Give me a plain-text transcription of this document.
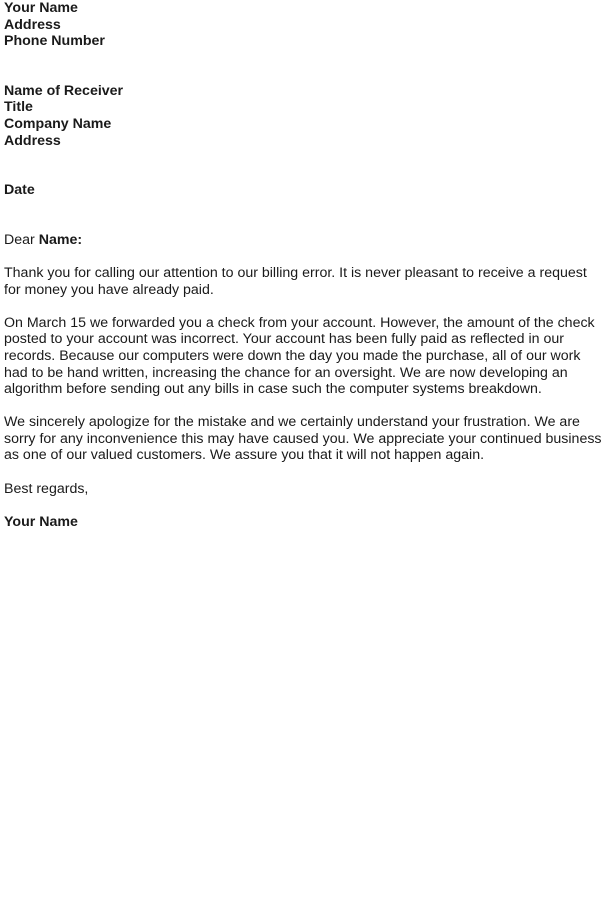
Your Name
Address
Phone Number
Name of Receiver
Title
Company Name
Address
Date

Dear Name:

Thank you for calling our attention to our billing error. It is never pleasant to receive a request
for money you have already paid.

On March 15 we forwarded you a check from your account. However, the amount of the check
posted to your account was incorrect. Your account has been fully paid as reflected in our
records. Because our computers were down the day you made the purchase, all of our work
had to be hand written, increasing the chance for an oversight. We are now developing an
algorithm before sending out any bills in case such the computer systems breakdown.

We sincerely apologize for the mistake and we certainly understand your frustration. We are
sorry for any inconvenience this may have caused you. We appreciate your continued business
as one of our valued customers. We assure you that it will not happen again.

Best regards,

Your Name
